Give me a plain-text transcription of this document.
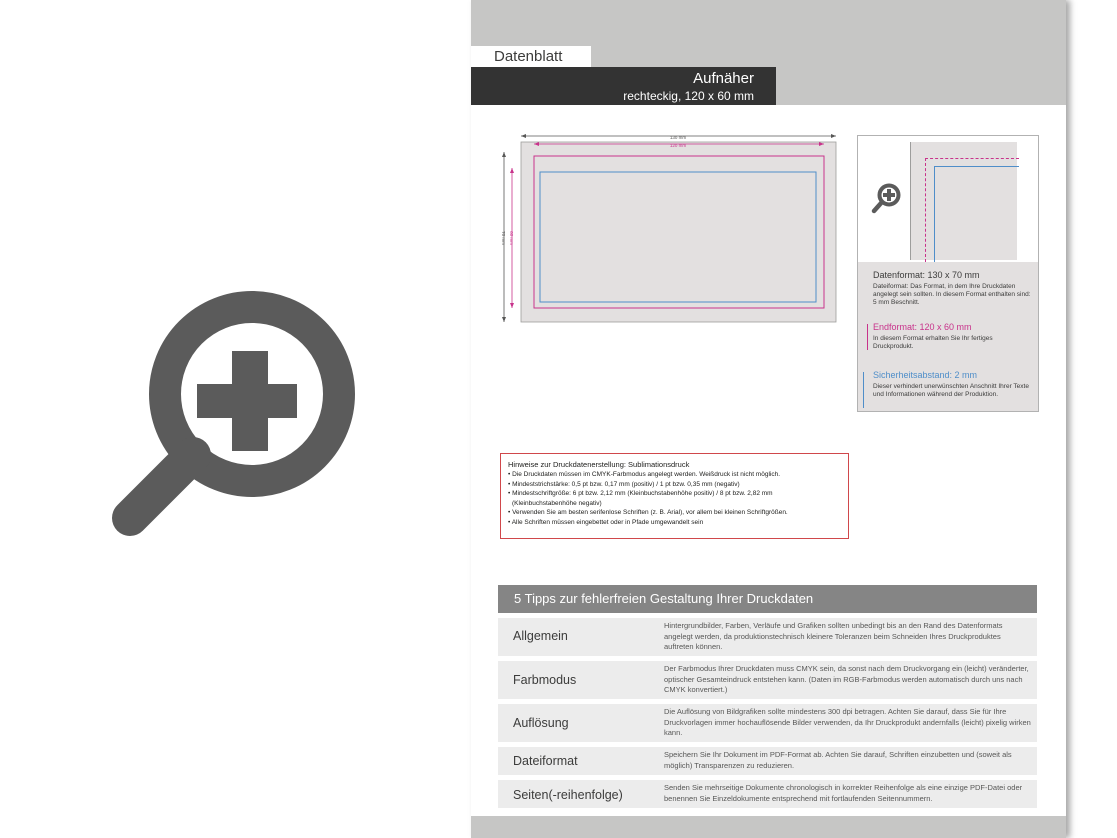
Datenblatt
Aufnäher
rechteckig, 120 x 60 mm
130 mm
120 mm
70 mm 60 mm
Datenformat: 130 x 70 mm
Dateiformat: Das Format, in dem Ihre Druckdaten angelegt sein sollten. In diesem Format enthalten sind: 5 mm Beschnitt.
Endformat: 120 x 60 mm
In diesem Format erhalten Sie Ihr fertiges Druckprodukt.
Sicherheitsabstand: 2 mm
Dieser verhindert unerwünschten Anschnitt Ihrer Texte und Informationen während der Produktion.
Hinweise zur Druckdatenerstellung: Sublimationsdruck
• Die Druckdaten müssen im CMYK-Farbmodus angelegt werden. Weißdruck ist nicht möglich.
• Mindeststrichstärke: 0,5 pt bzw. 0,17 mm (positiv) / 1 pt bzw. 0,35 mm (negativ)
• Mindestschriftgröße: 6 pt bzw. 2,12 mm (Kleinbuchstabenhöhe positiv) / 8 pt bzw. 2,82 mm
(Kleinbuchstabenhöhe negativ)
• Verwenden Sie am besten serifenlose Schriften (z. B. Arial), vor allem bei kleinen Schriftgrößen.
• Alle Schriften müssen eingebettet oder in Pfade umgewandelt sein
5 Tipps zur fehlerfreien Gestaltung Ihrer Druckdaten
Allgemein
Hintergrundbilder, Farben, Verläufe und Grafiken sollten unbedingt bis an den Rand des Datenformats angelegt werden, da produktionstechnisch kleinere Toleranzen beim Schneiden Ihres Druckproduktes auftreten können.
Farbmodus
Der Farbmodus Ihrer Druckdaten muss CMYK sein, da sonst nach dem Druckvorgang ein (leicht) veränderter, optischer Gesamteindruck entstehen kann. (Daten im RGB-Farbmodus werden automatisch durch uns nach CMYK konvertiert.)
Auflösung
Die Auflösung von Bildgrafiken sollte mindestens 300 dpi betragen. Achten Sie darauf, dass Sie für Ihre Druckvorlagen immer hochauflösende Bilder verwenden, da Ihr Druckprodukt andernfalls (leicht) pixelig wirken kann.
Dateiformat	Speichern Sie Ihr Dokument im PDF-Format ab. Achten Sie darauf, Schriften einzubetten und (soweit als möglich) Transparenzen zu reduzieren.
Seiten(-reihenfolge)
Senden Sie mehrseitige Dokumente chronologisch in korrekter Reihenfolge als eine einzige PDF-Datei oder benennen Sie Einzeldokumente entsprechend mit fortlaufenden Seitennummern.
